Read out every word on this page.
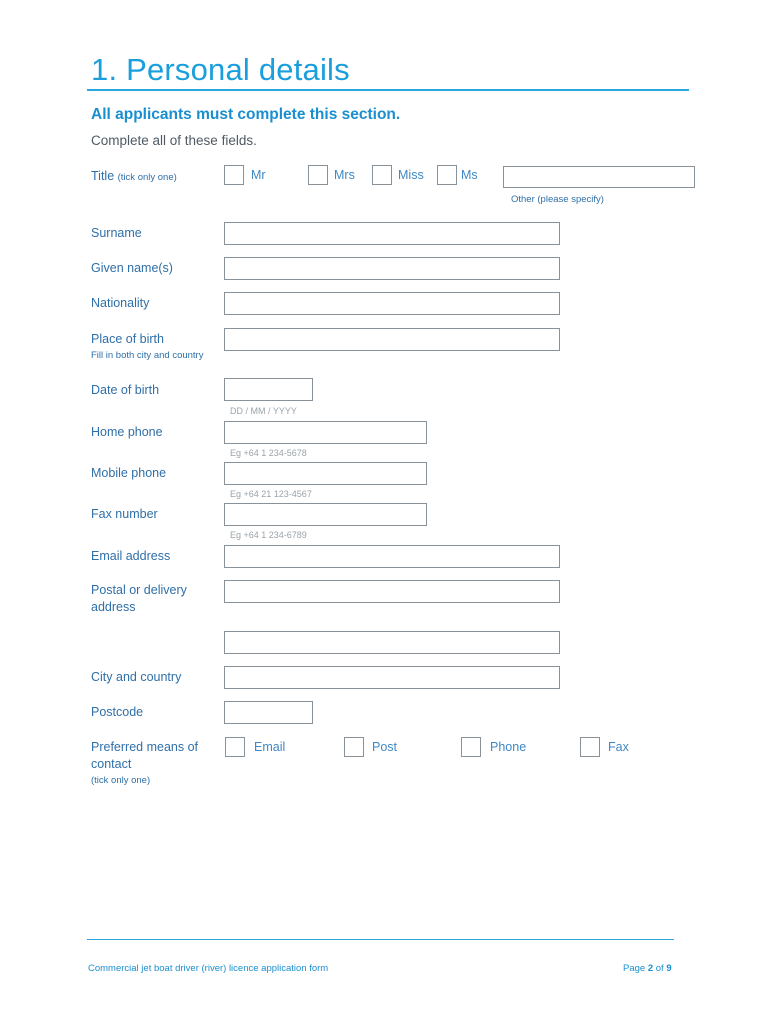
1. Personal details
All applicants must complete this section.
Complete all of these fields.
Title (tick only one)	Mr	Mrs	Miss	Ms
Other (please specify)
Surname
Given name(s)
Nationality
Place of birth
Fill in both city and country
Date of birth
DD / MM / YYYY
Home phone
Eg +64 1 234-5678
Mobile phone
Eg +64 21 123-4567
Fax number
Eg +64 1 234-6789
Email address
Postal or delivery
address
City and country
Postcode
Preferred means of
contact
(tick only one)
Email	Post	Phone	Fax
Commercial jet boat driver (river) licence application form	Page 2 of 9
